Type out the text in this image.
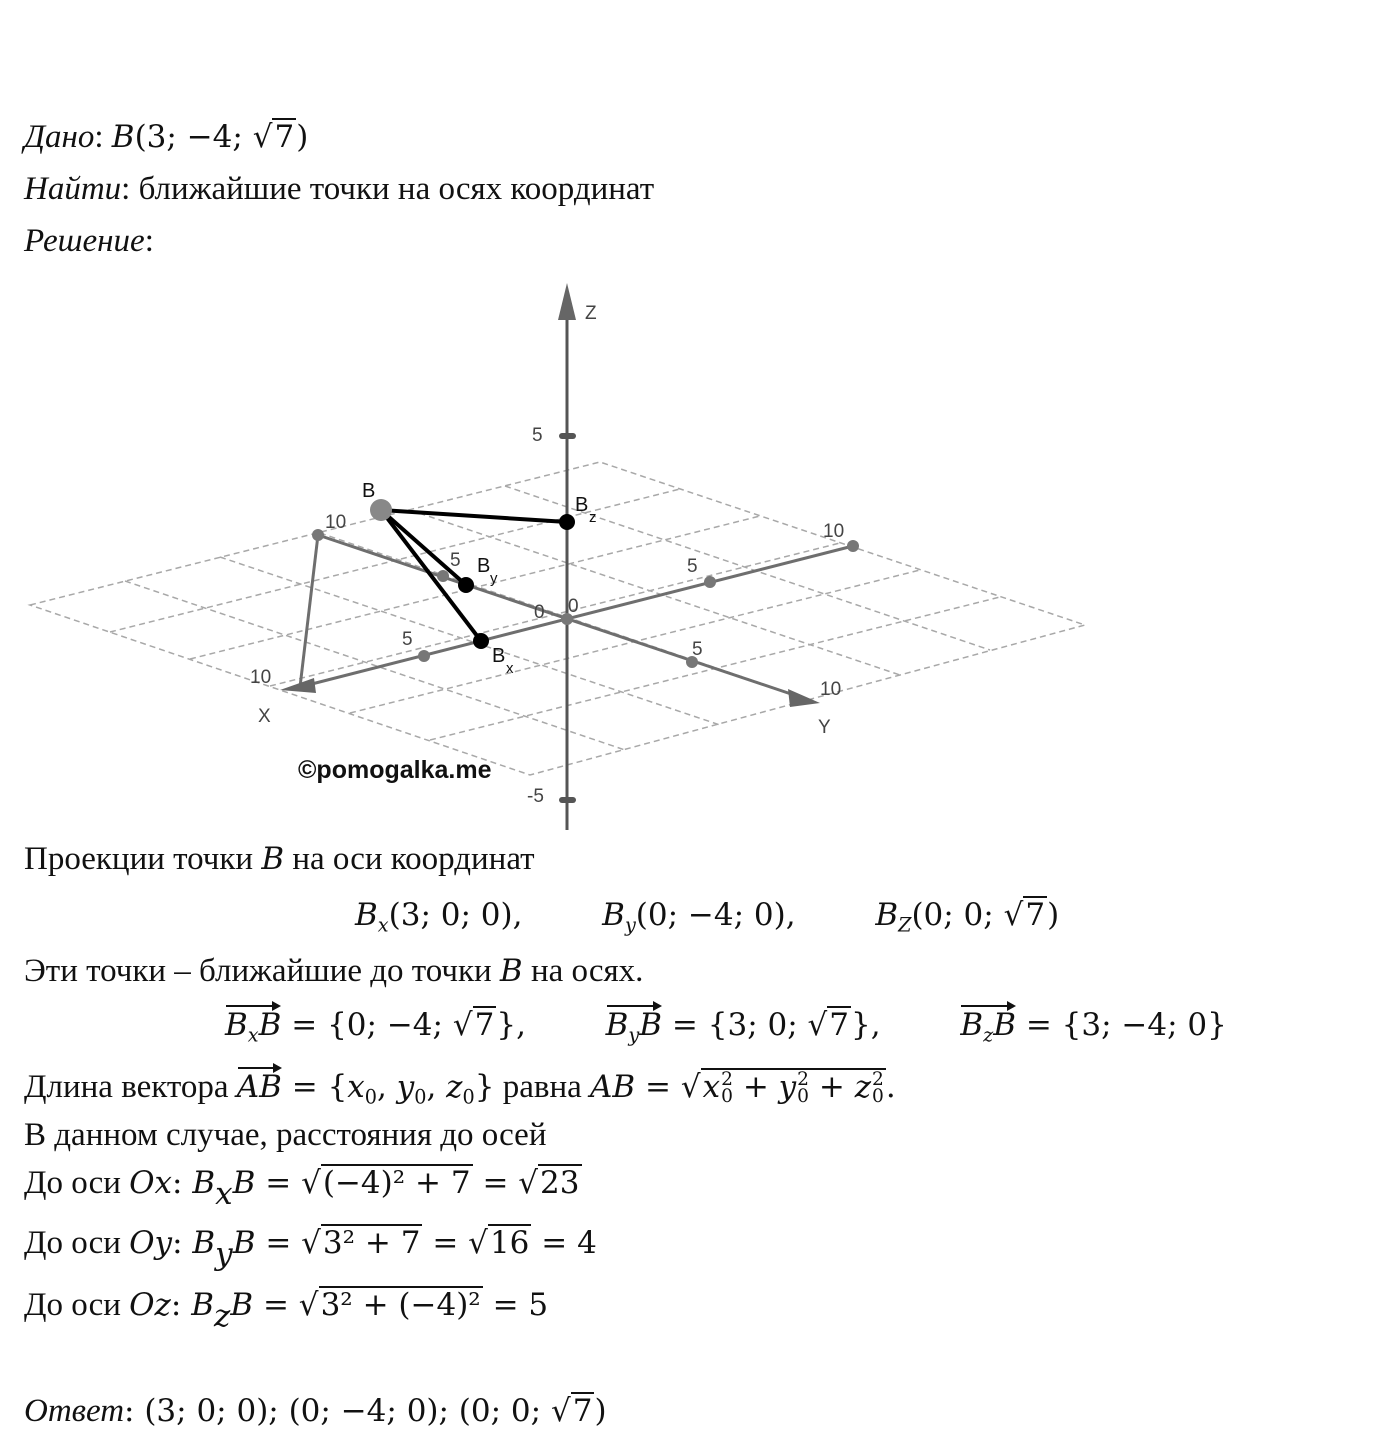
Дано: B(3; −4; √7)
Найти: ближайшие точки на осях координат
Решение:
Z
X
Y
5
-5
5
10
5
10
5
10
5
10
0 0
B
B
z
B
y
B
x
©pomogalka.me
Проекции точки B на оси координат
$B_x(3$; 0; 0),	$B_y(0$; −4; 0),	$B_Z(0$; 0; √7)
Эти точки – ближайшие до точки B на осях.
$B_xB = \{0$; −4; √7},	$B_yB = \{3$; 0; √7},	$B_zB = \{3$; −4; 0}
Длина вектора
AB = {$x_0$, $y_0$, $z_0$} равна AB = √x 2
0 + y 2
0 + z 2
0 .
В данном случае, расстояния до осей
До оси Ox: $B_xB = √(-4)^2 + 7 = √23$
До оси Oy: $B_yB = √3^2 + 7 = √16 = 4$
До оси Oz: $B_zB = √3^2 + (-4)^2 = 5$
Ответ: (3; 0; 0); (0; −4; 0); (0; 0; √7)
